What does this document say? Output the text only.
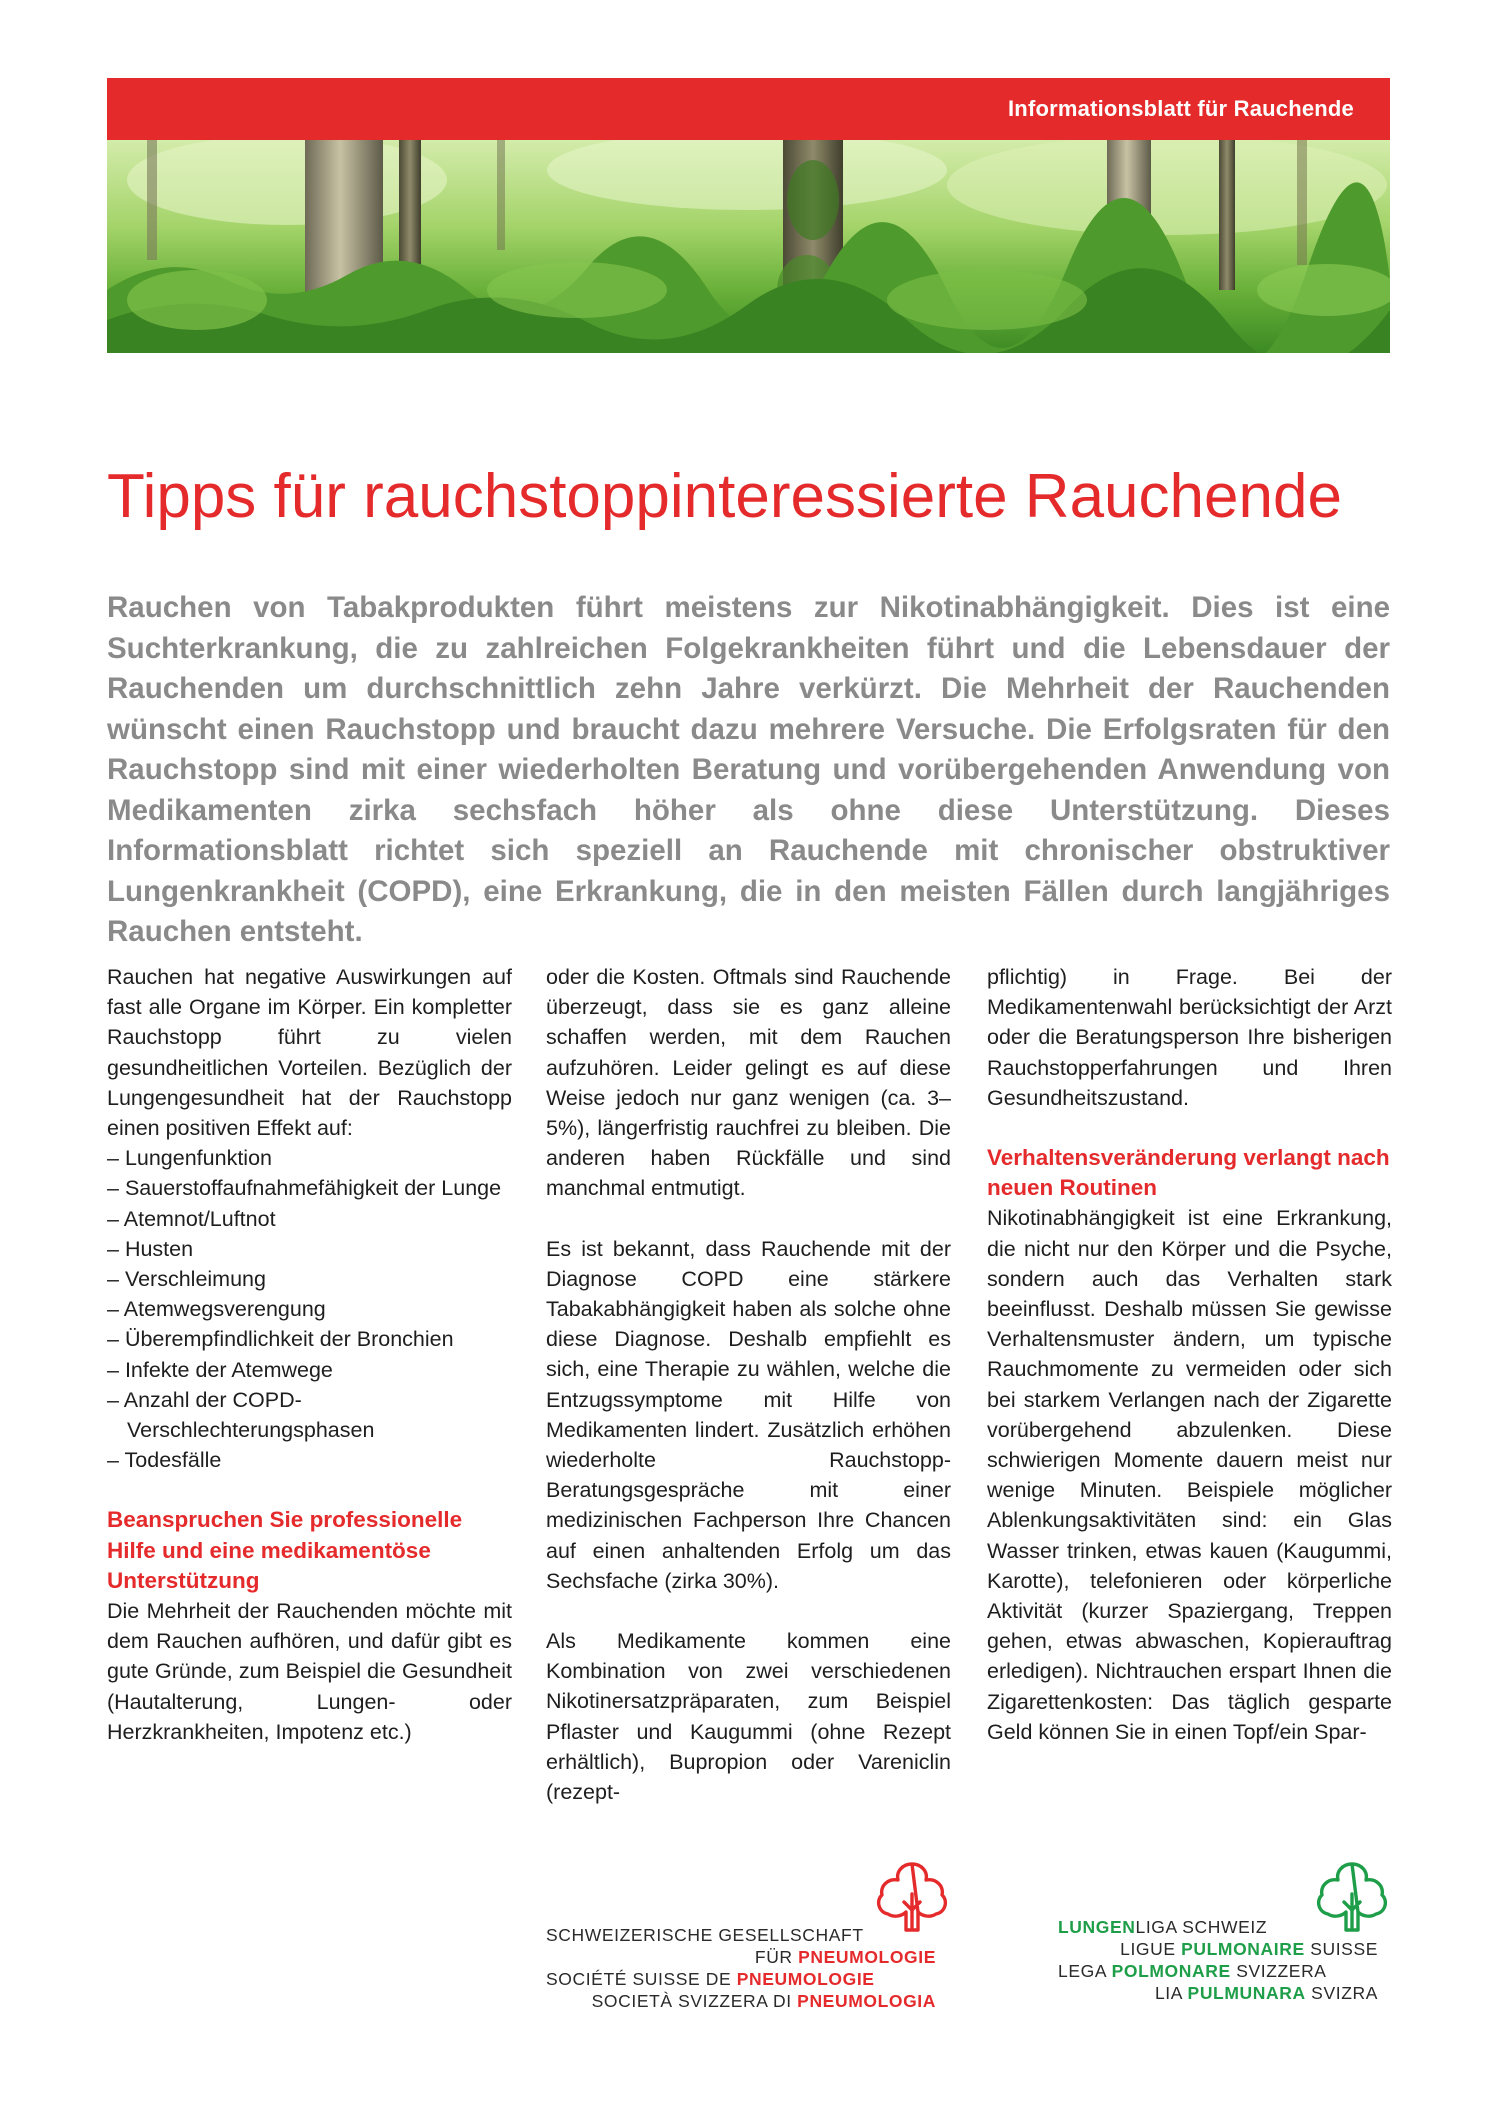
Informationsblatt für Rauchende
Tipps für rauchstoppinteressierte Rauchende

Rauchen von Tabakprodukten führt meistens zur Nikotinabhängigkeit. Dies ist eine Suchterkrankung, die zu zahlreichen Folgekrankheiten führt und die Lebensdauer der Rauchenden um durchschnittlich zehn Jahre verkürzt. Die Mehrheit der Rauchenden wünscht einen Rauchstopp und braucht dazu mehrere Versuche. Die Erfolgsraten für den Rauchstopp sind mit einer wiederholten Beratung und vorübergehenden Anwendung von Medikamenten zirka sechsfach höher als ohne diese Unterstützung. Dieses Informationsblatt richtet sich speziell an Rauchende mit chronischer obstruktiver Lungenkrankheit (COPD), eine Erkrankung, die in den meisten Fällen durch langjähriges Rauchen entsteht.

Rauchen hat negative Auswirkungen auf fast alle Organe im Körper. Ein kompletter Rauchstopp führt zu vielen gesundheitlichen Vorteilen. Bezüglich der Lungengesundheit hat der Rauchstopp einen positiven Effekt auf:

– Lungenfunktion
– Sauerstoffaufnahmefähigkeit der Lunge
– Atemnot/Luftnot
– Husten
– Verschleimung
– Atemwegsverengung
– Überempfindlichkeit der Bronchien
– Infekte der Atemwege
– Anzahl der COPD-Verschlechterungsphasen
– Todesfälle
Beanspruchen Sie professionelle Hilfe und eine medikamentöse Unterstützung

Die Mehrheit der Rauchenden möchte mit dem Rauchen aufhören, und dafür gibt es gute Gründe, zum Beispiel die Gesundheit (Hautalterung, Lungen- oder Herzkrankheiten, Impotenz etc.)

oder die Kosten. Oftmals sind Rauchende überzeugt, dass sie es ganz alleine schaffen werden, mit dem Rauchen aufzuhören. Leider gelingt es auf diese Weise jedoch nur ganz wenigen (ca. 3–5%), längerfristig rauchfrei zu bleiben. Die anderen haben Rückfälle und sind manchmal entmutigt.

Es ist bekannt, dass Rauchende mit der Diagnose COPD eine stärkere Tabakabhängigkeit haben als solche ohne diese Diagnose. Deshalb empfiehlt es sich, eine Therapie zu wählen, welche die Entzugssymptome mit Hilfe von Medikamenten lindert. Zusätzlich erhöhen wiederholte Rauchstopp-Beratungsgespräche mit einer medizinischen Fachperson Ihre Chancen auf einen anhaltenden Erfolg um das Sechsfache (zirka 30%).

Als Medikamente kommen eine Kombination von zwei verschiedenen Nikotinersatzpräparaten, zum Beispiel Pflaster und Kaugummi (ohne Rezept erhältlich), Bupropion oder Vareniclin (rezept-

pflichtig) in Frage. Bei der Medikamentenwahl berücksichtigt der Arzt oder die Beratungsperson Ihre bisherigen Rauchstopperfahrungen und Ihren Gesundheitszustand.

Verhaltensveränderung verlangt nach neuen Routinen

Nikotinabhängigkeit ist eine Erkrankung, die nicht nur den Körper und die Psyche, sondern auch das Verhalten stark beeinflusst. Deshalb müssen Sie gewisse Verhaltensmuster ändern, um typische Rauchmomente zu vermeiden oder sich bei starkem Verlangen nach der Zigarette vorübergehend abzulenken. Diese schwierigen Momente dauern meist nur wenige Minuten. Beispiele möglicher Ablenkungsaktivitäten sind: ein Glas Wasser trinken, etwas kauen (Kaugummi, Karotte), telefonieren oder körperliche Aktivität (kurzer Spaziergang, Treppen gehen, etwas abwaschen, Kopierauftrag erledigen). Nichtrauchen erspart Ihnen die Zigarettenkosten: Das täglich gesparte Geld können Sie in einen Topf/ein Spar-

SCHWEIZERISCHE GESELLSCHAFT
FÜR PNEUMOLOGIE
SOCIÉTÉ SUISSE DE PNEUMOLOGIE
SOCIETÀ SVIZZERA DI PNEUMOLOGIA
LUNGENLIGA SCHWEIZ
LIGUE PULMONAIRE SUISSE
LEGA POLMONARE SVIZZERA
LIA PULMUNARA SVIZRA
